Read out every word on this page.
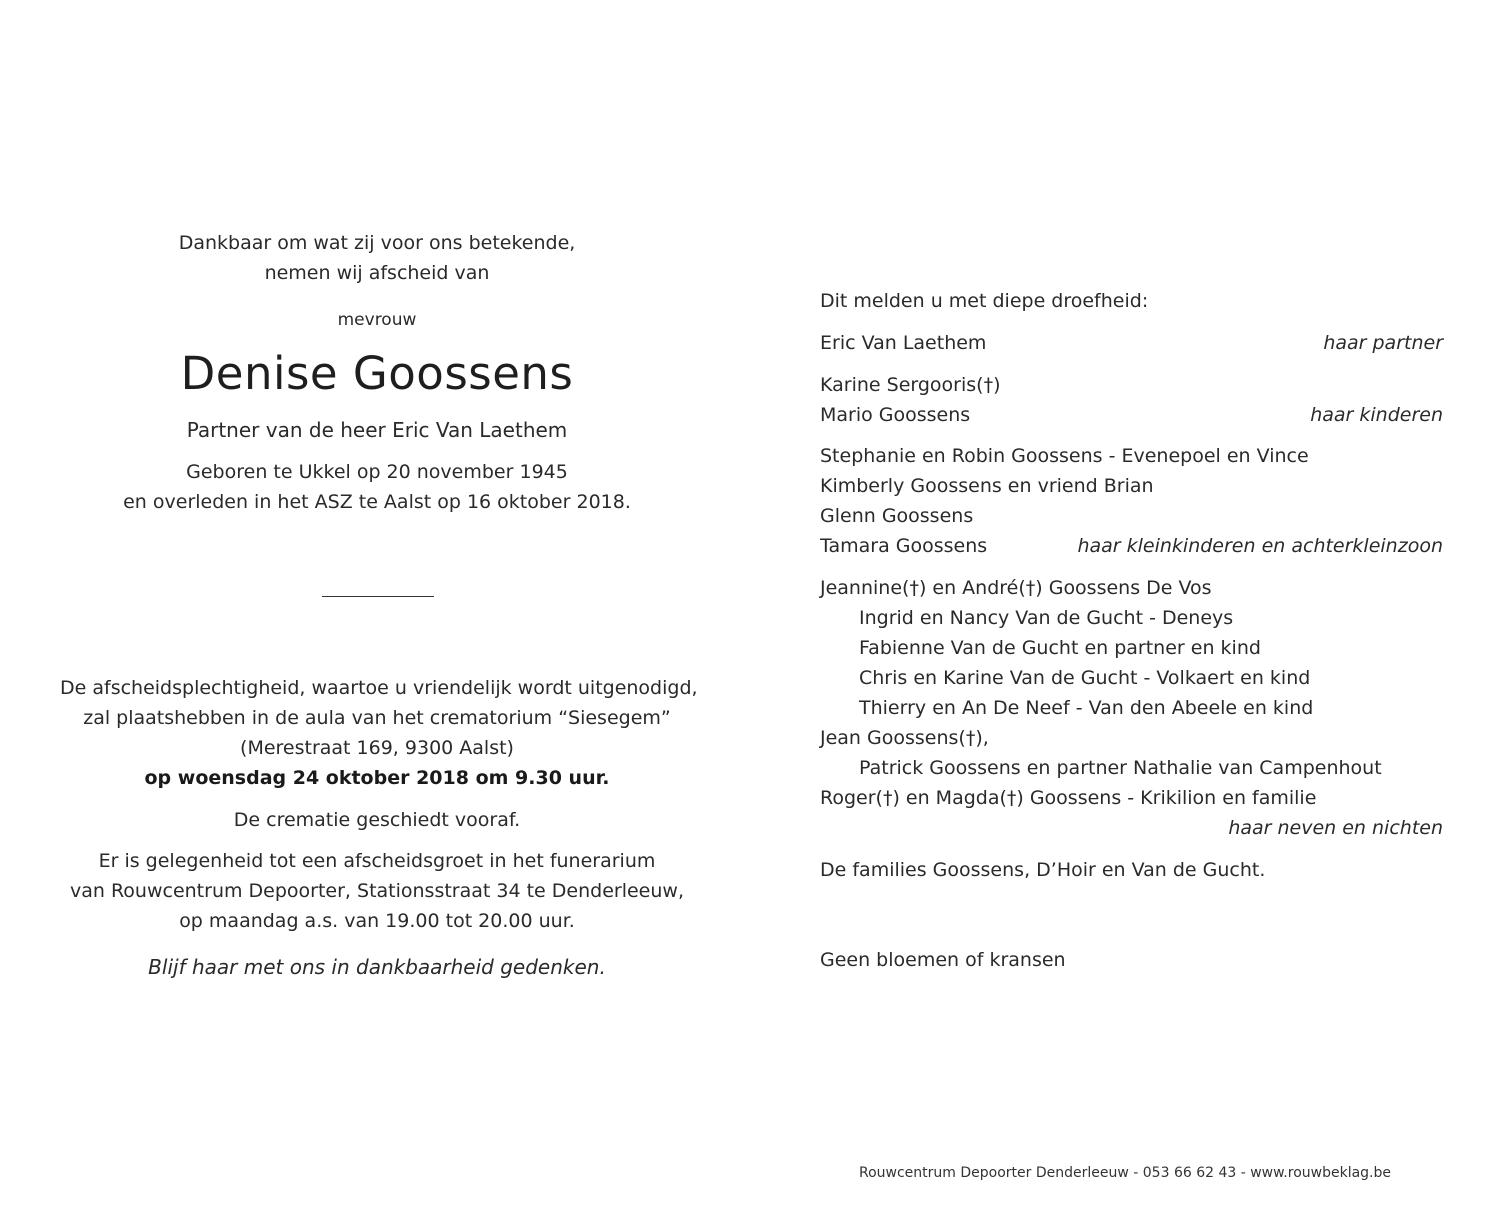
Dankbaar om wat zij voor ons betekende,
nemen wij afscheid van
mevrouw
Denise Goossens
Partner van de heer Eric Van Laethem
Geboren te Ukkel op 20 november 1945
en overleden in het ASZ te Aalst op 16 oktober 2018.
De afscheidsplechtigheid, waartoe u vriendelijk wordt uitgenodigd,
zal plaatshebben in de aula van het crematorium “Siesegem”
(Merestraat 169, 9300 Aalst)
op woensdag 24 oktober 2018 om 9.30 uur.
De crematie geschiedt vooraf.
Er is gelegenheid tot een afscheidsgroet in het funerarium
van Rouwcentrum Depoorter, Stationsstraat 34 te Denderleeuw,
op maandag a.s. van 19.00 tot 20.00 uur.
Blijf haar met ons in dankbaarheid gedenken.
Dit melden u met diepe droefheid:
Eric Van Laethem	haar partner
Karine Sergooris(†)
Mario Goossens	haar kinderen
Stephanie en Robin Goossens - Evenepoel en Vince
Kimberly Goossens en vriend Brian
Glenn Goossens
Tamara Goossens	haar kleinkinderen en achterkleinzoon
Jeannine(†) en André(†) Goossens De Vos
Ingrid en Nancy Van de Gucht - Deneys
Fabienne Van de Gucht en partner en kind
Chris en Karine Van de Gucht - Volkaert en kind
Thierry en An De Neef - Van den Abeele en kind
Jean Goossens(†),
Patrick Goossens en partner Nathalie van Campenhout
Roger(†) en Magda(†) Goossens - Krikilion en familie
haar neven en nichten
De families Goossens, D’Hoir en Van de Gucht.
Geen bloemen of kransen
Rouwcentrum Depoorter Denderleeuw - 053 66 62 43 - www.rouwbeklag.be
